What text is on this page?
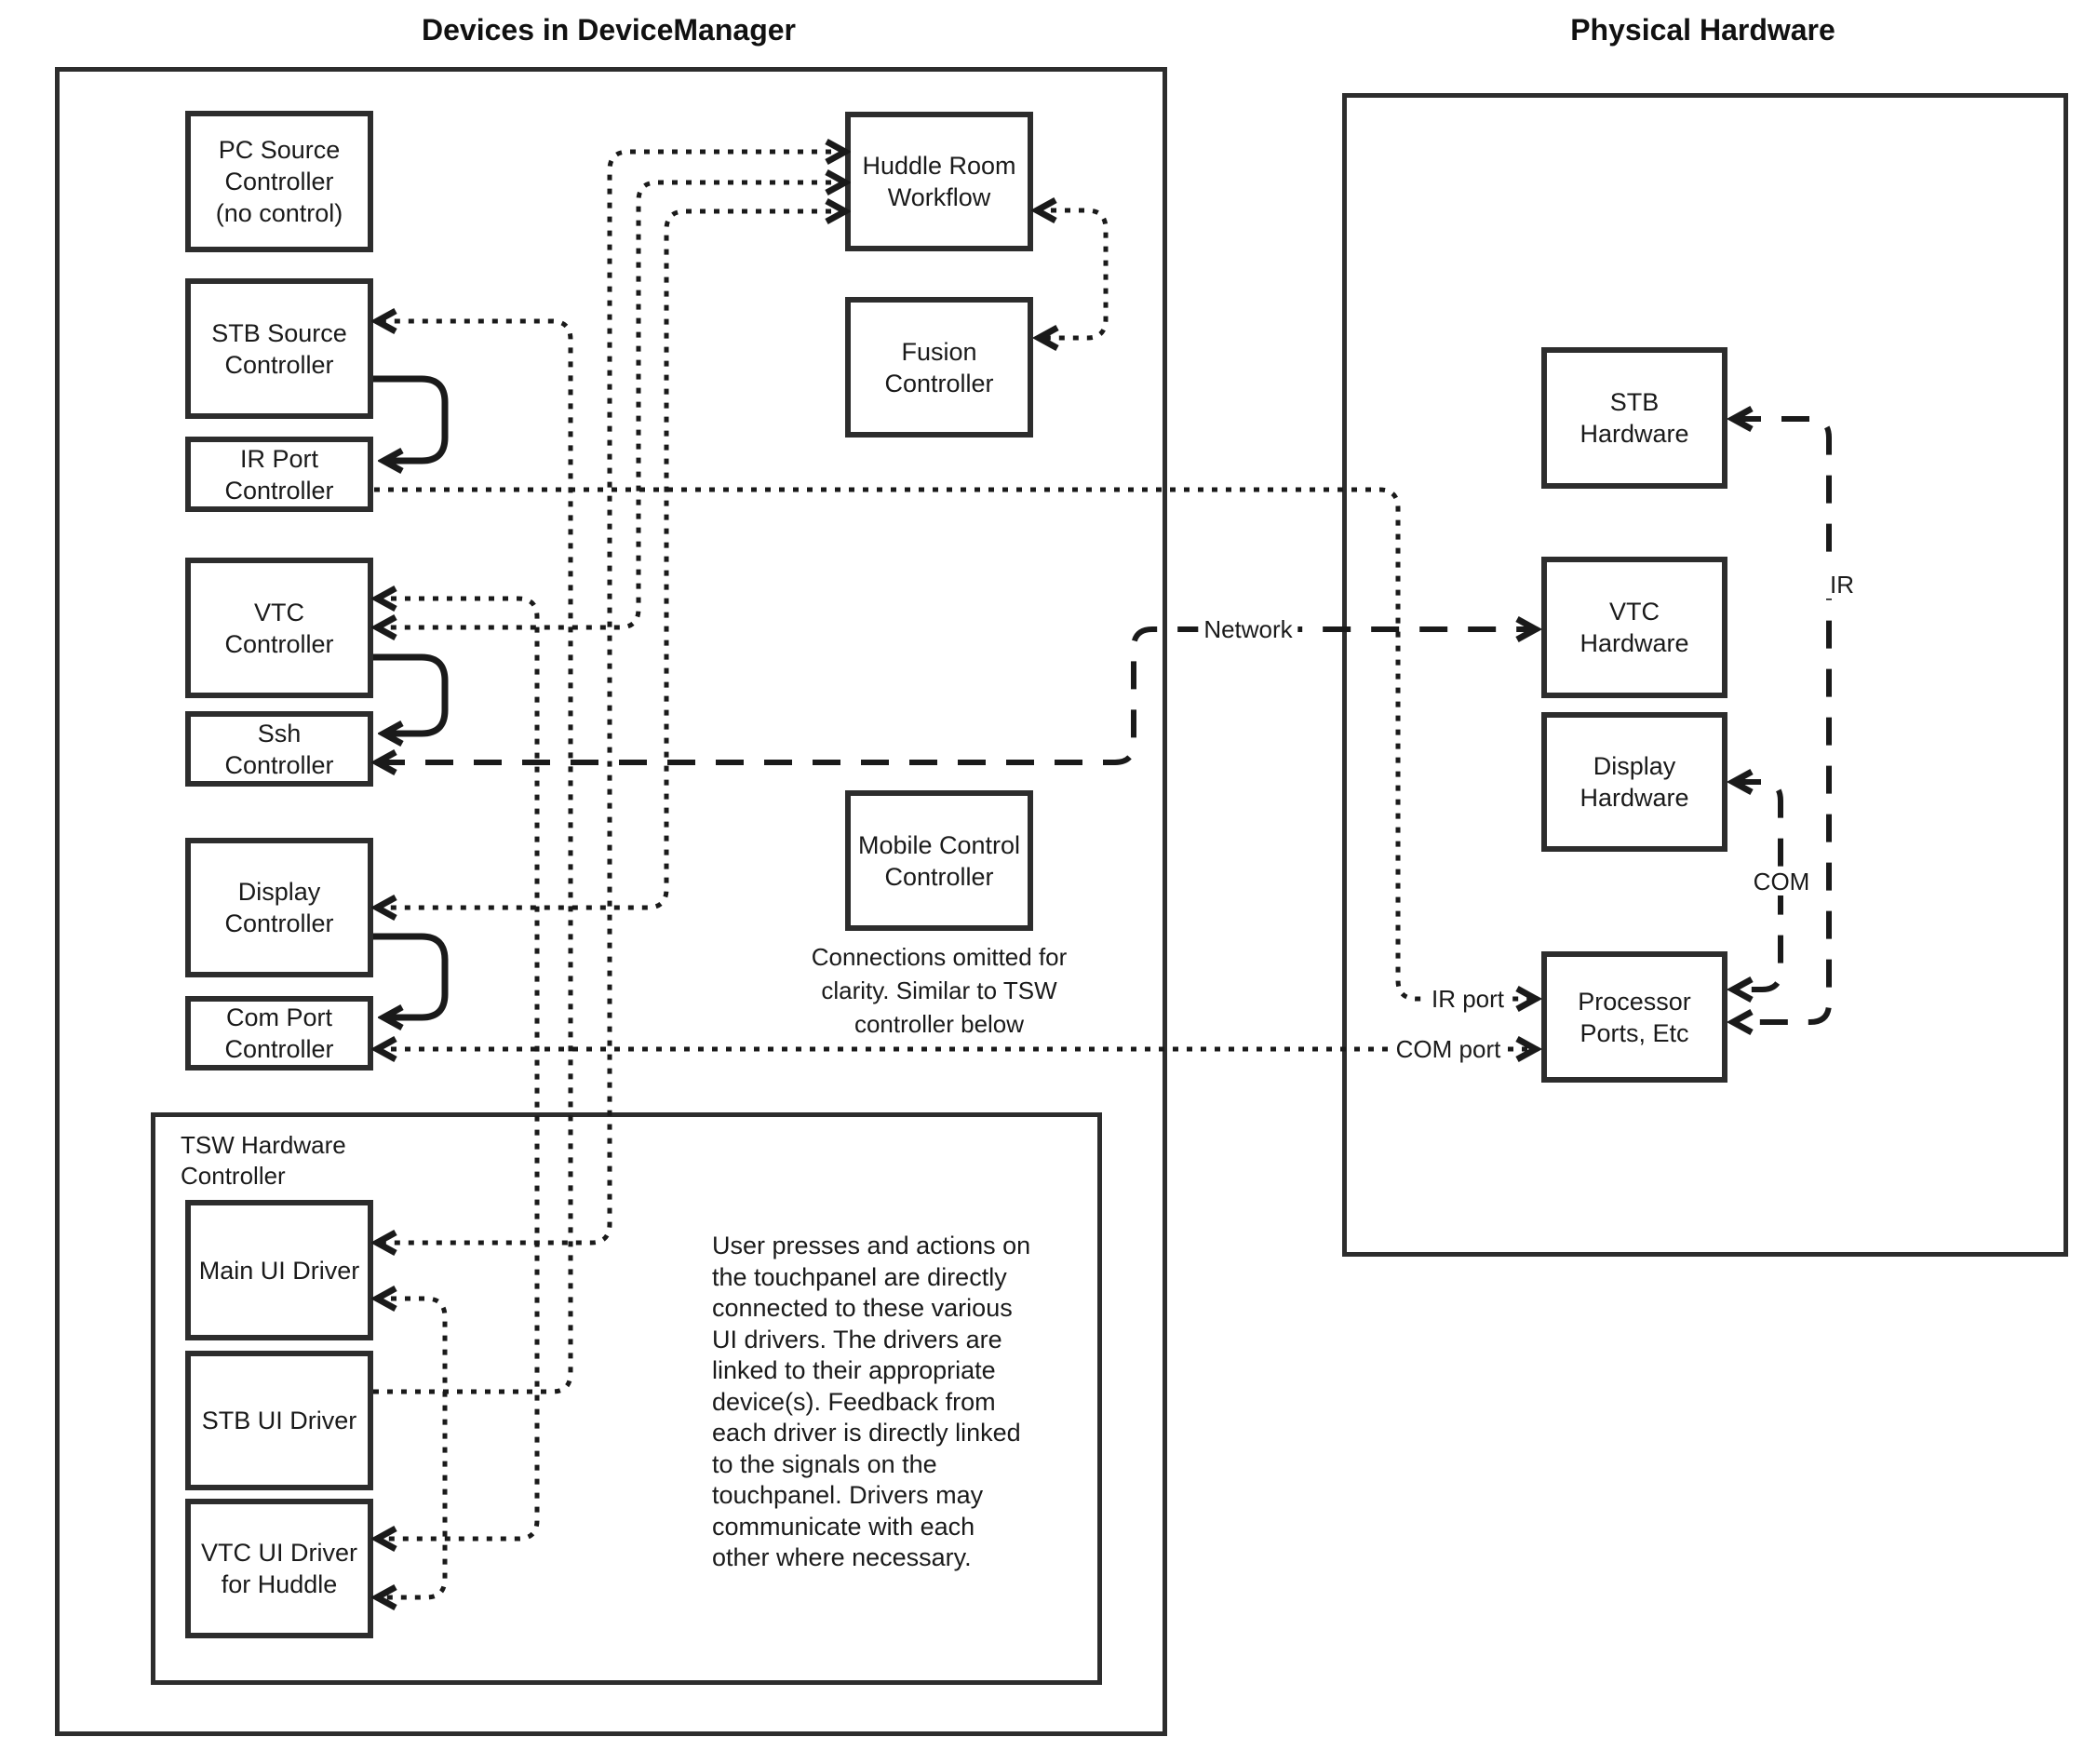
Devices in DeviceManager	Physical Hardware
TSW Hardware
Controller
PC Source
Controller
(no control)
STB Source
Controller
IR Port
Controller
VTC
Controller
Ssh
Controller
Display
Controller
Com Port
Controller
Huddle Room
Workflow
Fusion
Controller
Mobile Control
Controller
Connections omitted for
clarity. Similar to TSW
controller below
Main UI Driver
STB UI Driver
VTC UI Driver
for Huddle
User presses and actions on
the touchpanel are directly
connected to these various
UI drivers. The drivers are
linked to their appropriate
device(s). Feedback from
each driver is directly linked
to the signals on the
touchpanel. Drivers may
communicate with each
other where necessary.
STB
Hardware
VTC
Hardware
Display
Hardware
Processor
Ports, Etc
Network
IR
COM
IR port
COM port
